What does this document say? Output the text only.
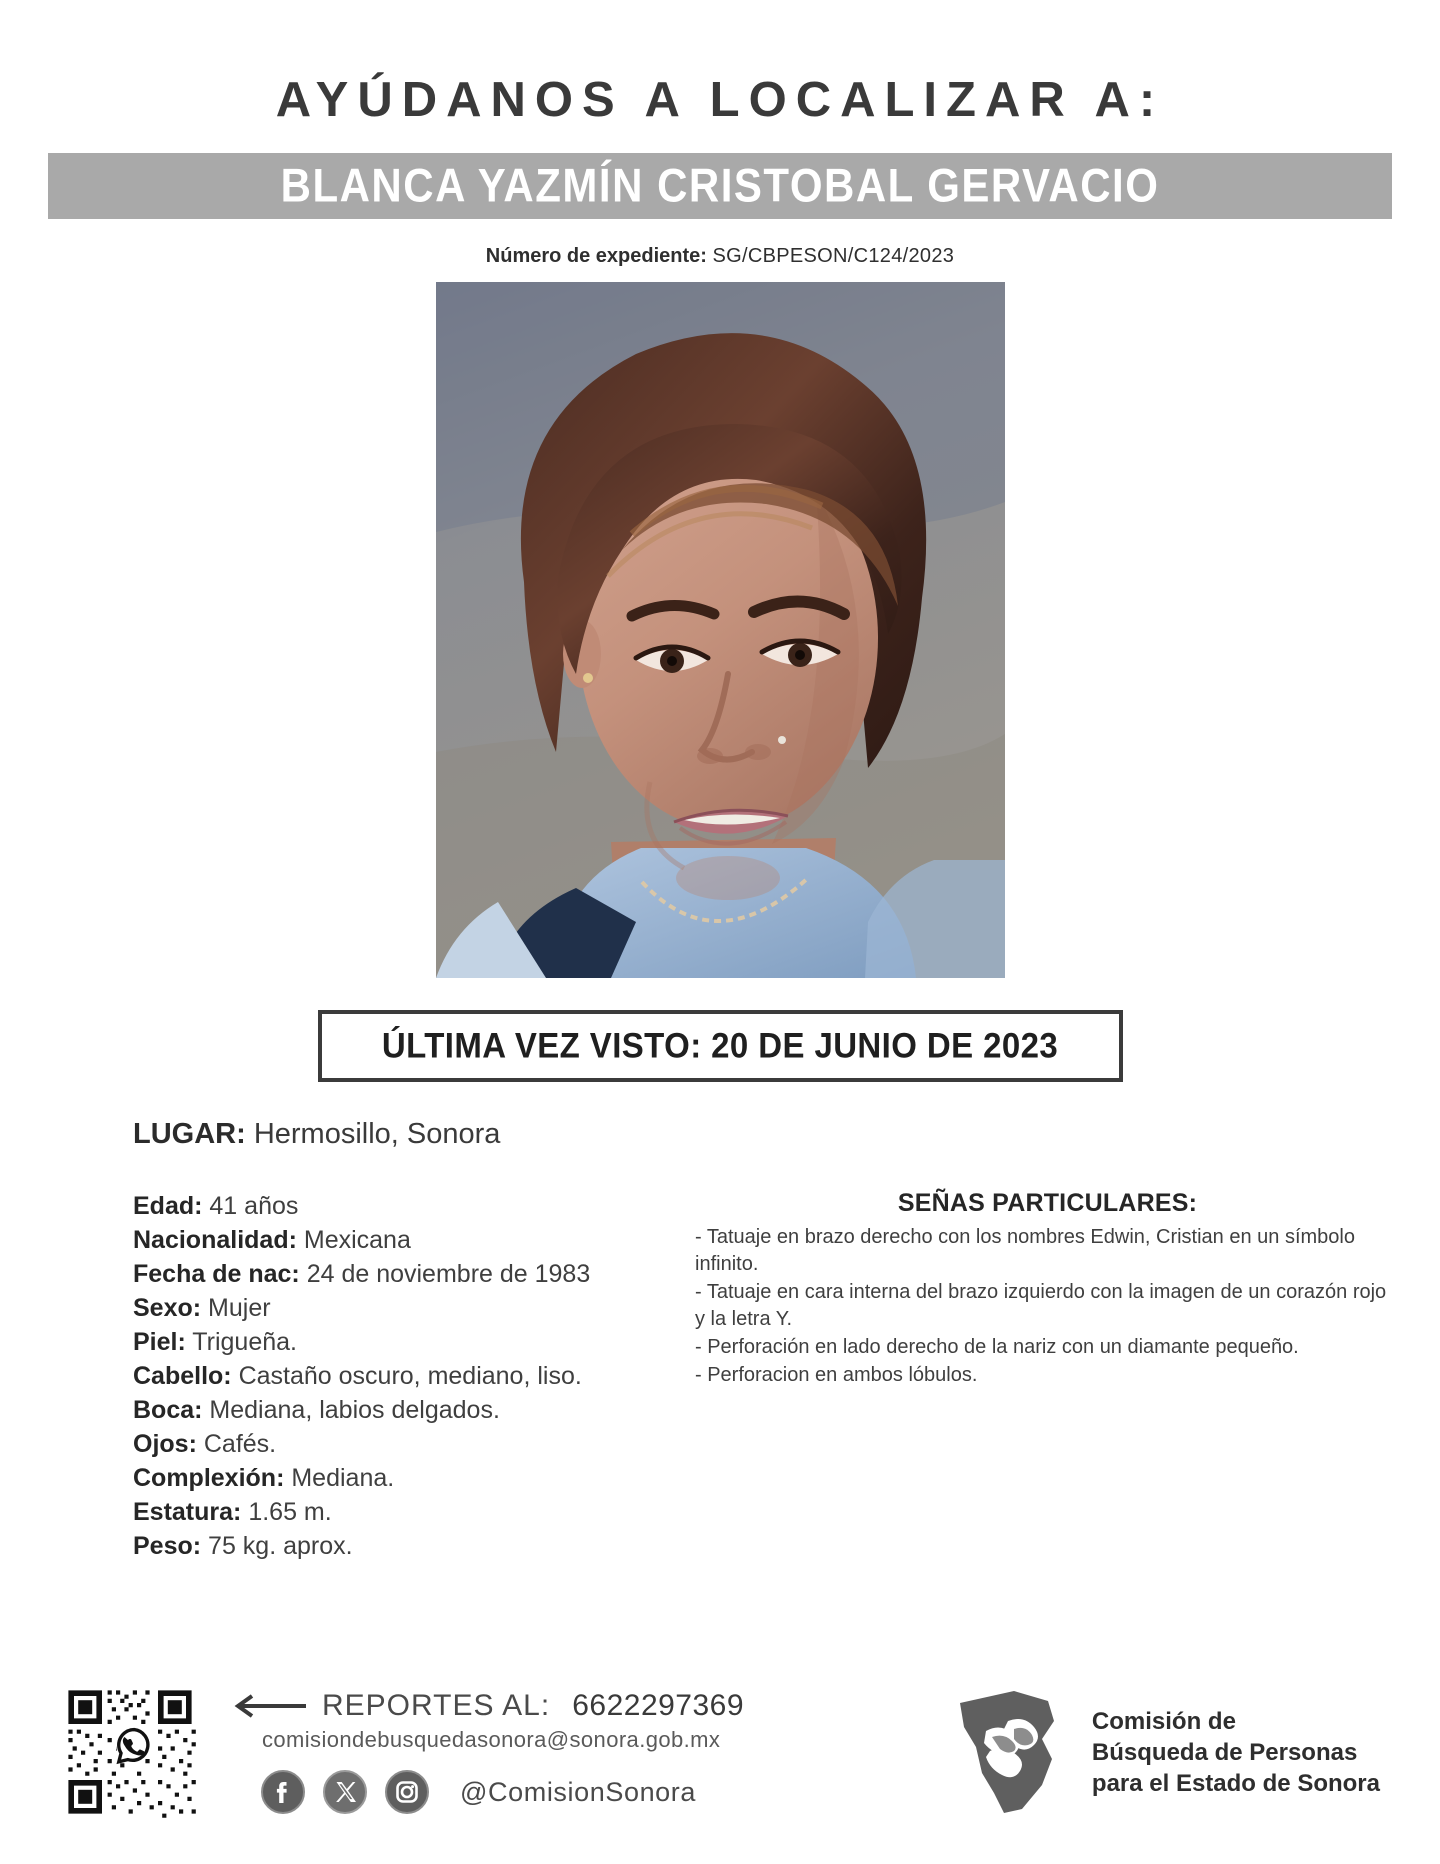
AYÚDANOS A LOCALIZAR A:
BLANCA YAZMÍN CRISTOBAL GERVACIO
Número de expediente: SG/CBPESON/C124/2023
ÚLTIMA VEZ VISTO: 20 DE JUNIO DE 2023
LUGAR: Hermosillo, Sonora
Edad: 41 años
Nacionalidad: Mexicana
Fecha de nac: 24 de noviembre de 1983
Sexo: Mujer
Piel: Trigueña.
Cabello: Castaño oscuro, mediano, liso.
Boca: Mediana, labios delgados.
Ojos: Cafés.
Complexión: Mediana.
Estatura: 1.65 m.
Peso: 75 kg. aprox.
SEÑAS PARTICULARES:
- Tatuaje en brazo derecho con los nombres Edwin, Cristian en un símbolo infinito.
- Tatuaje en cara interna del brazo izquierdo con la imagen de un corazón rojo y la letra Y.
- Perforación en lado derecho de la nariz con un diamante pequeño.
- Perforacion en ambos lóbulos.
REPORTES AL: 6622297369
comisiondebusquedasonora@sonora.gob.mx
@ComisionSonora
Comisión de
Búsqueda de Personas
para el Estado de Sonora
